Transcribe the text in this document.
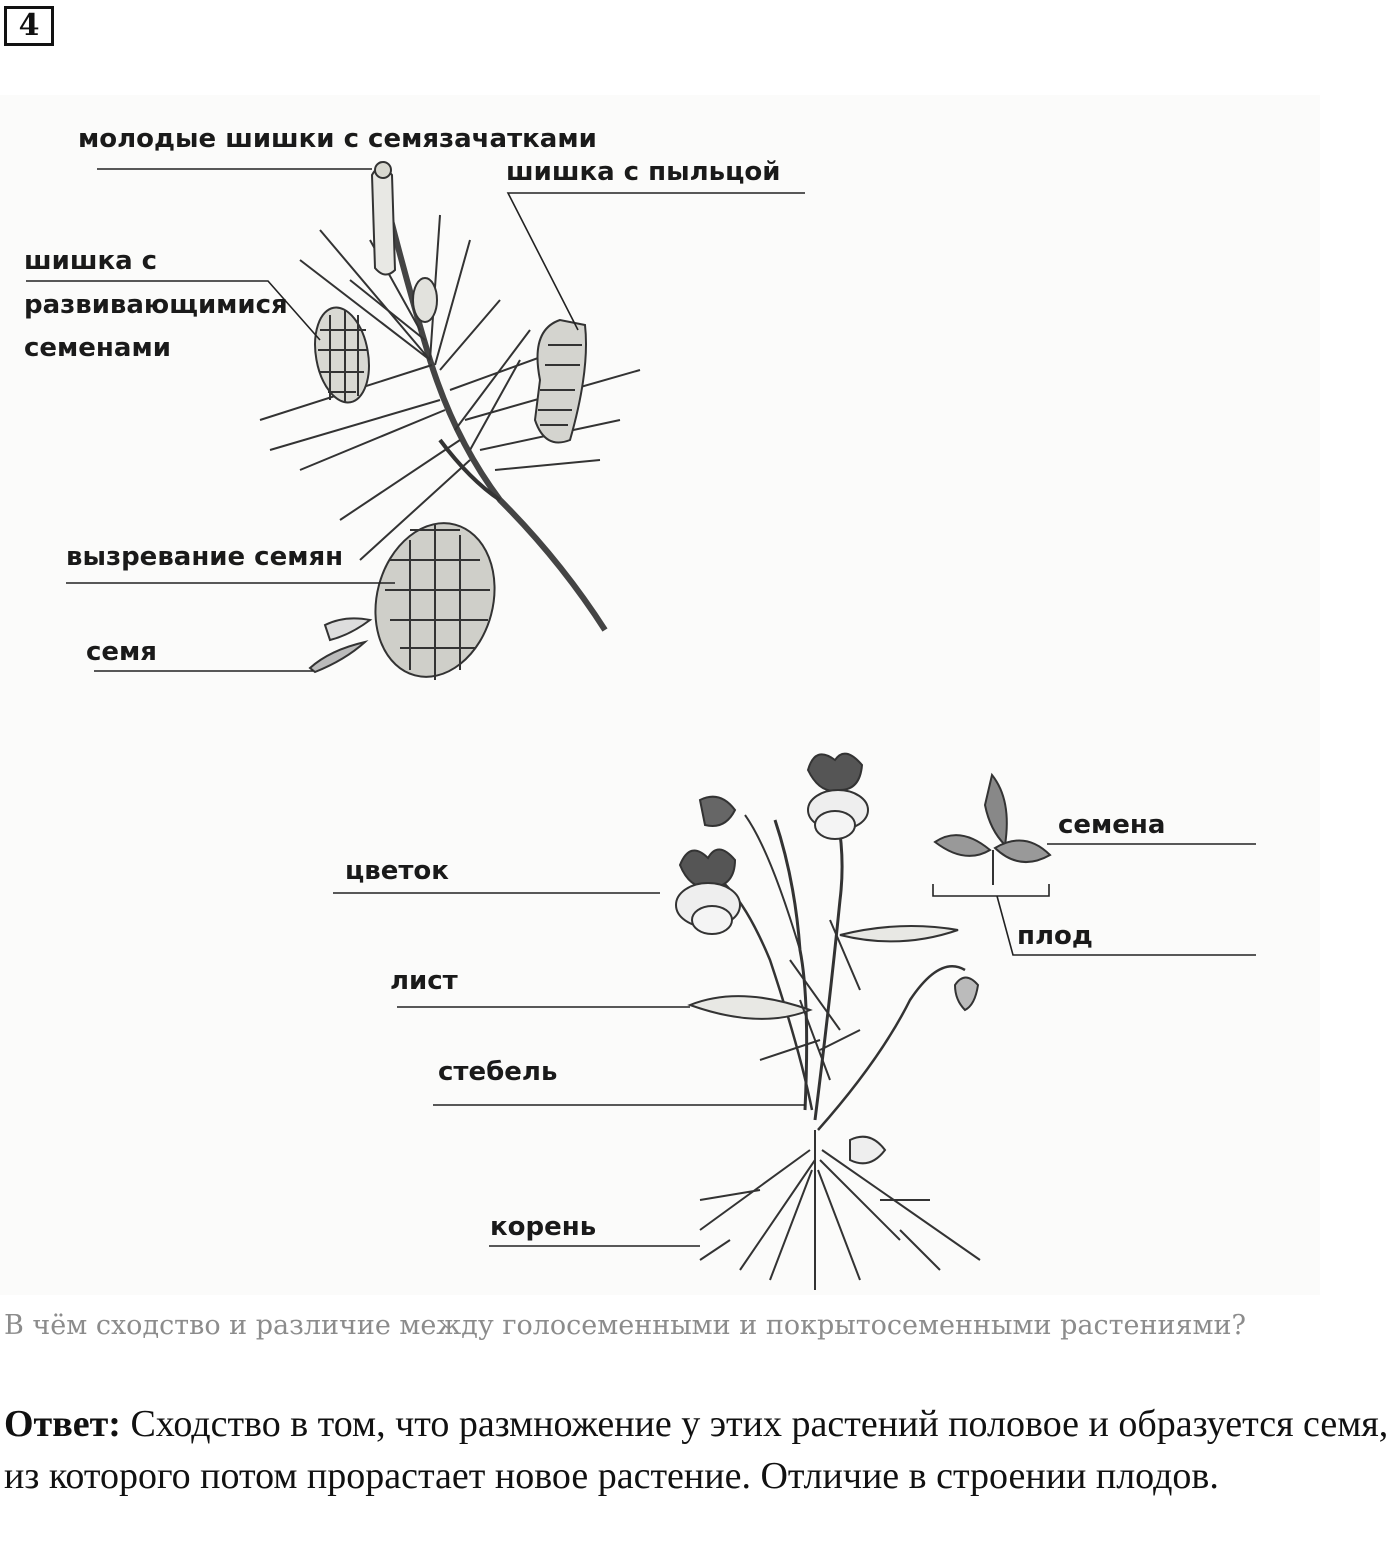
4
молодые шишки с семязачатками
шишка с пыльцой
шишка с
развивающимися
семенами
вызревание семян
семя
семена
плод
цветок
лист
стебель
корень
В чём сходство и различие между голосеменными и покрытосеменными растениями?
Ответ: Сходство в том, что размножение у этих растений половое и образуется семя, из которого потом прорастает новое растение. Отличие в строении плодов.
